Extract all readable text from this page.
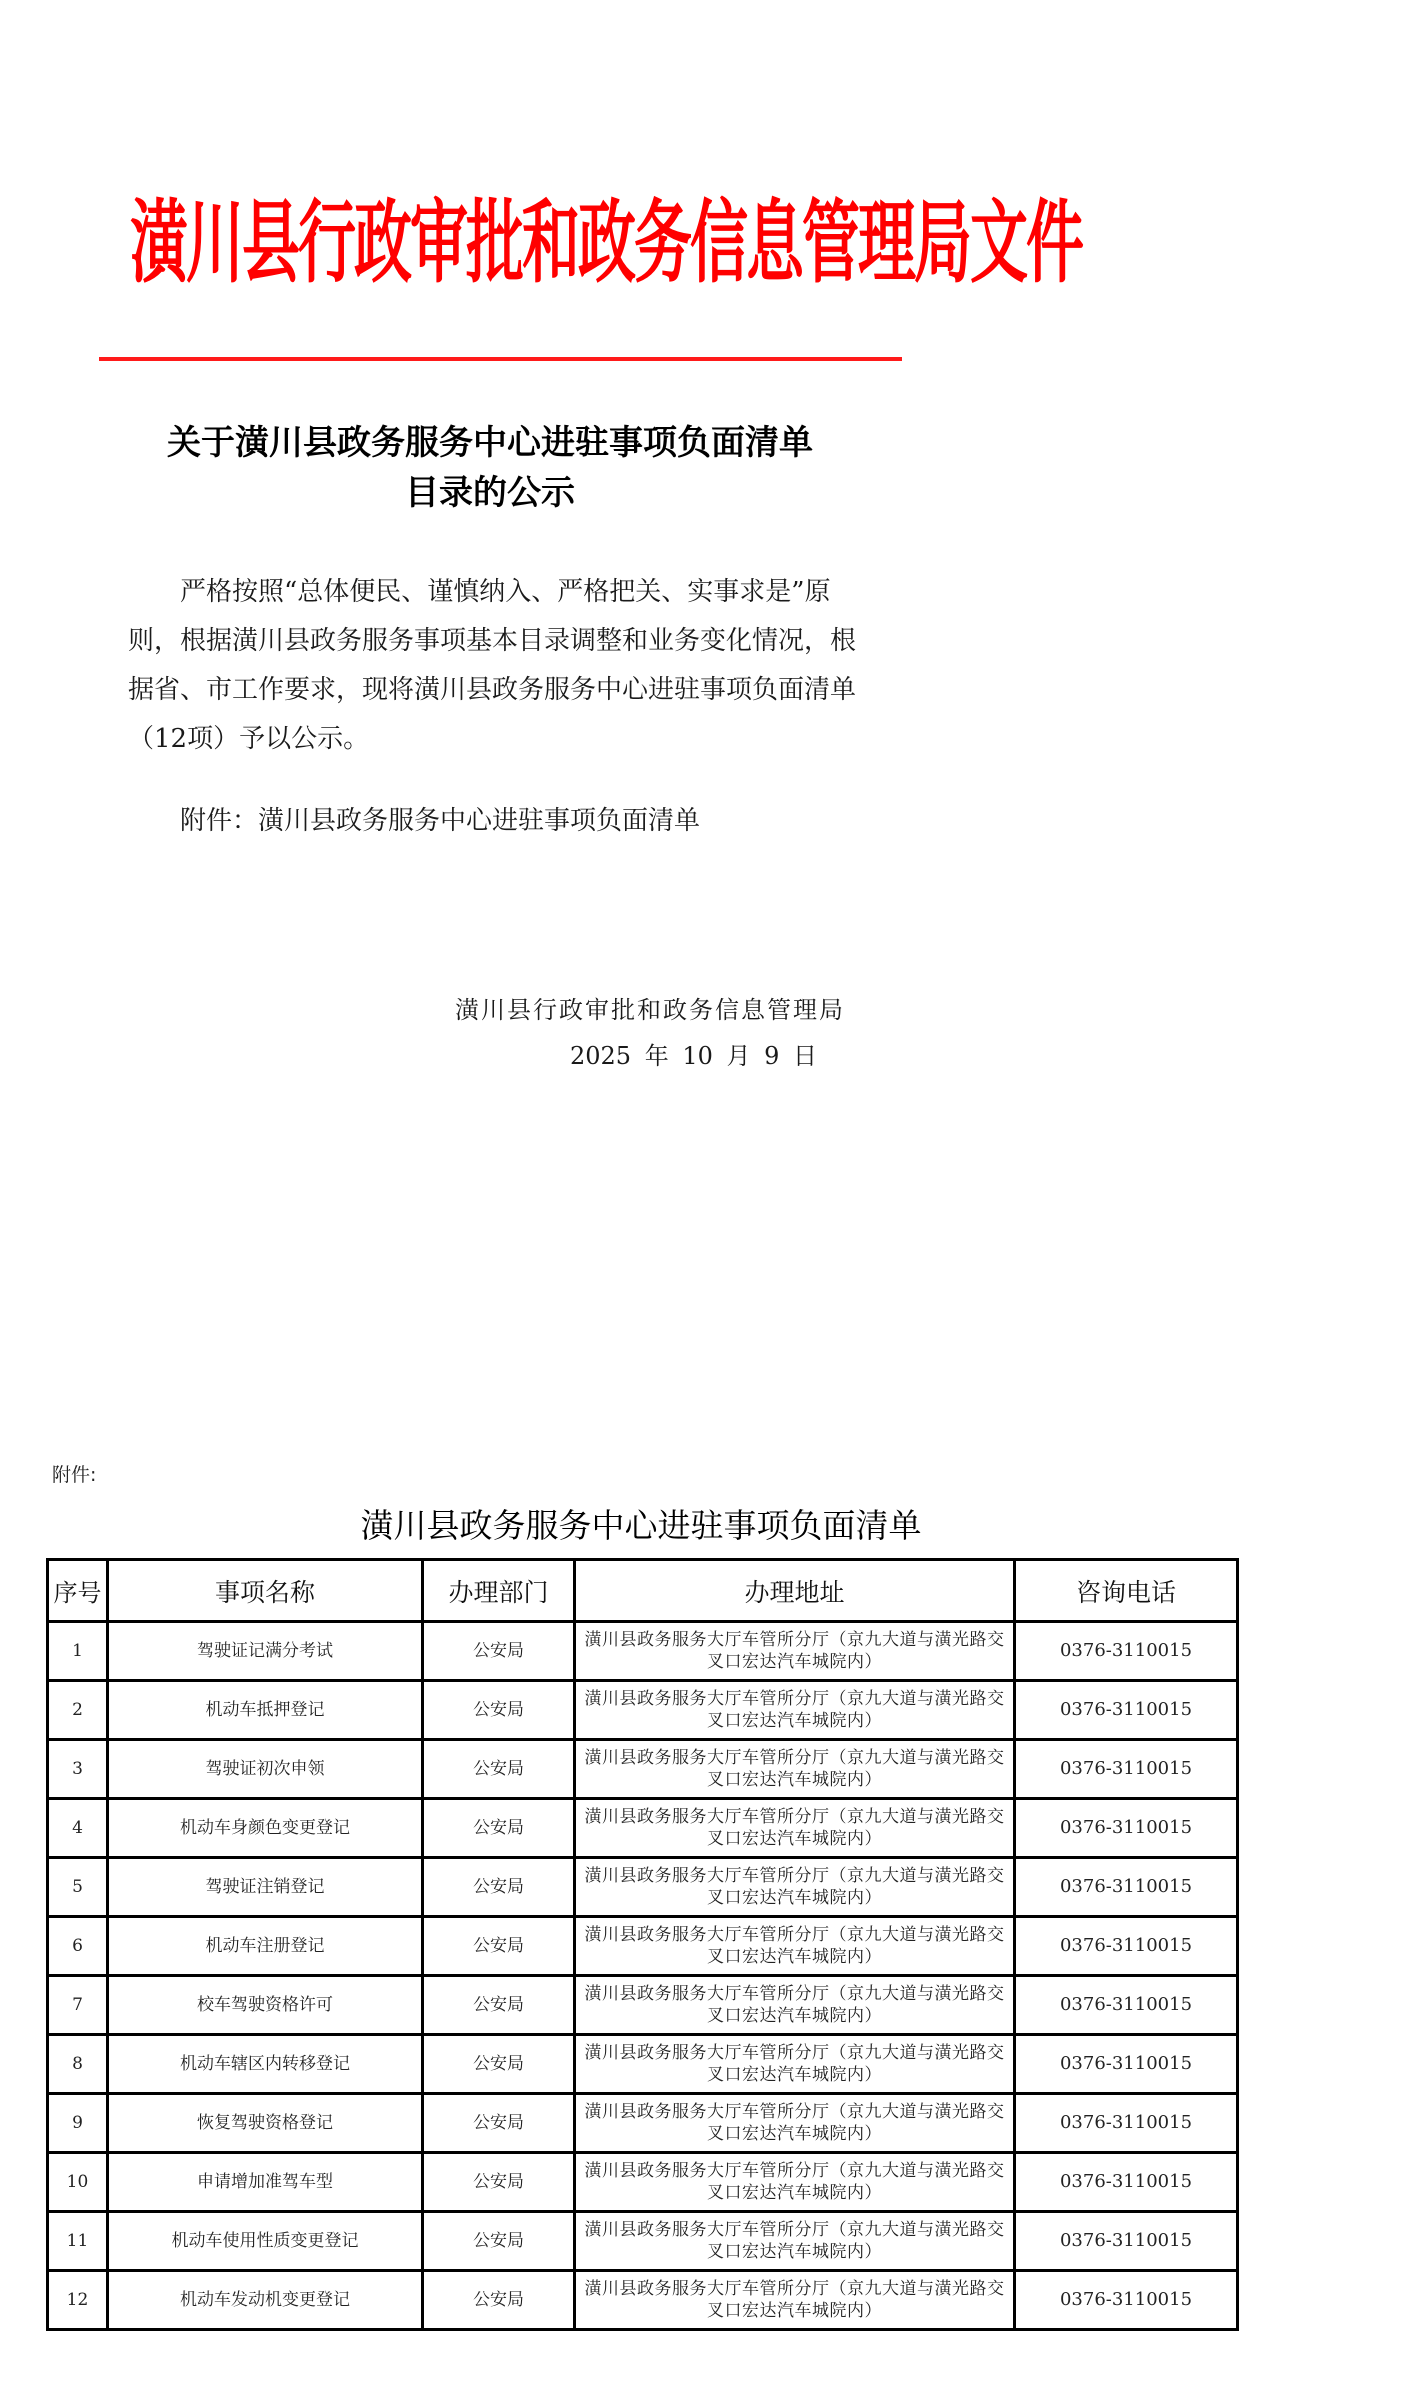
潢川县行政审批和政务信息管理局文件
关于潢川县政务服务中心进驻事项负面清单
目录的公示
严格按照“总体便民、谨慎纳入、严格把关、实事求是”原则，根据潢川县政务服务事项基本目录调整和业务变化情况，根据省、市工作要求，现将潢川县政务服务中心进驻事项负面清单（12项）予以公示。
附件：潢川县政务服务中心进驻事项负面清单
潢川县行政审批和政务信息管理局
2025 年 10 月 9 日
附件:
潢川县政务服务中心进驻事项负面清单
序号	事项名称	办理部门	办理地址	咨询电话
1	驾驶证记满分考试	公安局	潢川县政务服务大厅车管所分厅（京九大道与潢光路交叉口宏达汽车城院内）	0376-3110015
2	机动车抵押登记	公安局	潢川县政务服务大厅车管所分厅（京九大道与潢光路交叉口宏达汽车城院内）	0376-3110015
3	驾驶证初次申领	公安局	潢川县政务服务大厅车管所分厅（京九大道与潢光路交叉口宏达汽车城院内）	0376-3110015
4	机动车身颜色变更登记	公安局	潢川县政务服务大厅车管所分厅（京九大道与潢光路交叉口宏达汽车城院内）	0376-3110015
5	驾驶证注销登记	公安局	潢川县政务服务大厅车管所分厅（京九大道与潢光路交叉口宏达汽车城院内）	0376-3110015
6	机动车注册登记	公安局	潢川县政务服务大厅车管所分厅（京九大道与潢光路交叉口宏达汽车城院内）	0376-3110015
7	校车驾驶资格许可	公安局	潢川县政务服务大厅车管所分厅（京九大道与潢光路交叉口宏达汽车城院内）	0376-3110015
8	机动车辖区内转移登记	公安局	潢川县政务服务大厅车管所分厅（京九大道与潢光路交叉口宏达汽车城院内）	0376-3110015
9	恢复驾驶资格登记	公安局	潢川县政务服务大厅车管所分厅（京九大道与潢光路交叉口宏达汽车城院内）	0376-3110015
10	申请增加准驾车型	公安局	潢川县政务服务大厅车管所分厅（京九大道与潢光路交叉口宏达汽车城院内）	0376-3110015
11	机动车使用性质变更登记	公安局	潢川县政务服务大厅车管所分厅（京九大道与潢光路交叉口宏达汽车城院内）	0376-3110015
12	机动车发动机变更登记	公安局	潢川县政务服务大厅车管所分厅（京九大道与潢光路交叉口宏达汽车城院内）	0376-3110015
